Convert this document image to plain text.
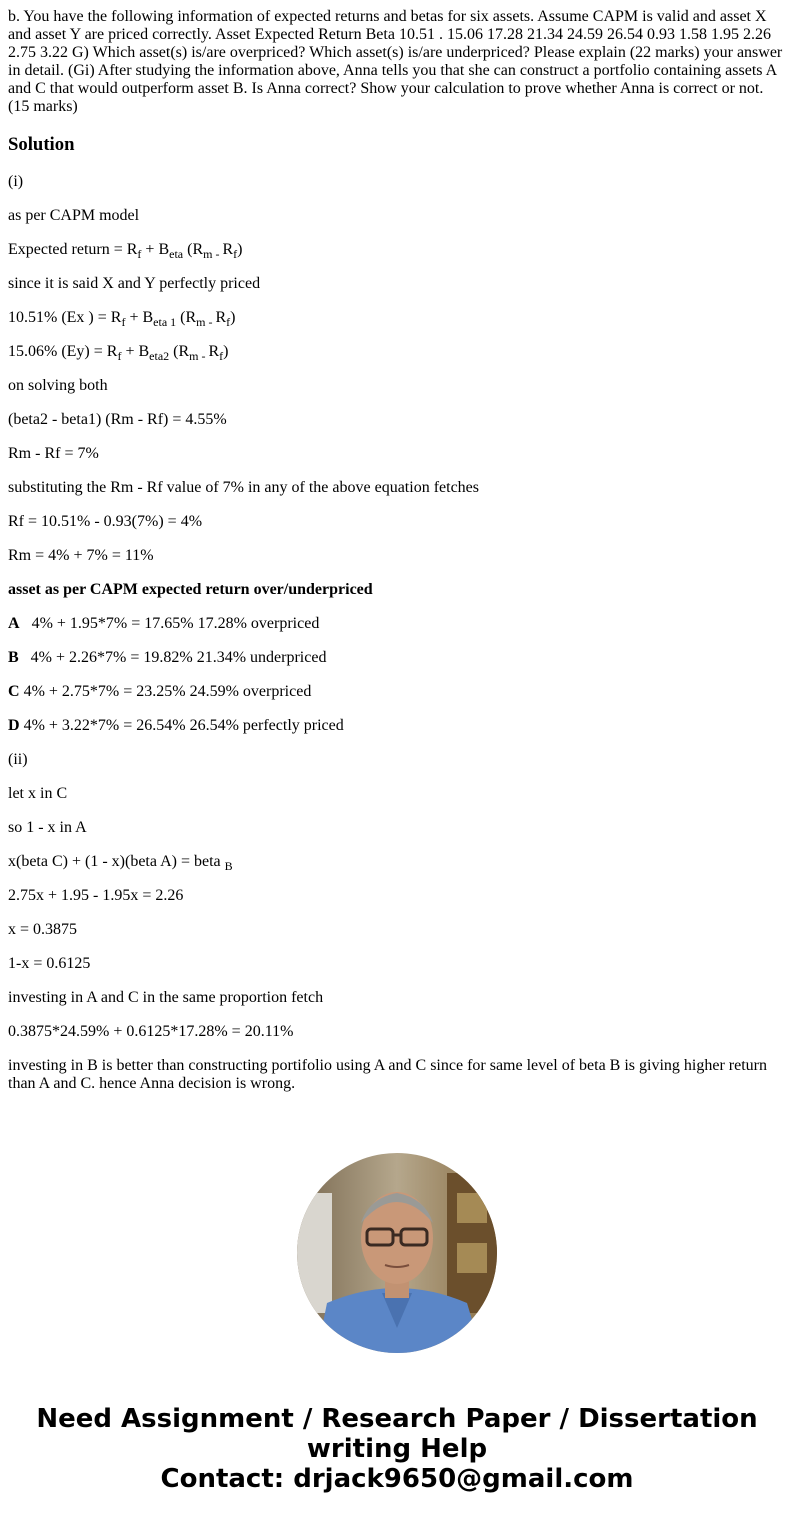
b. You have the following information of expected returns and betas for six assets. Assume CAPM is valid and asset X and asset Y are priced correctly. Asset Expected Return Beta 10.51 . 15.06 17.28 21.34 24.59 26.54 0.93 1.58 1.95 2.26 2.75 3.22 G) Which asset(s) is/are overpriced? Which asset(s) is/are underpriced? Please explain (22 marks) your answer in detail. (Gi) After studying the information above, Anna tells you that she can construct a portfolio containing assets A and C that would outperform asset B. Is Anna correct? Show your calculation to prove whether Anna is correct or not. (15 marks)

Solution

(i)

as per CAPM model

Expected return = $R_f + B_{eta}$ ($R_{m -}$ $R_f$)

since it is said X and Y perfectly priced

10.51% (Ex ) = $R_f + B_{eta 1}$ ($R_{m -}$ $R_f$)

15.06% $(Ey) = R_f + B_{eta2}$ ($R_{m -}$ $R_f$)

on solving both

(beta2 - beta1) (Rm - Rf) = 4.55%

Rm - Rf = 7%

substituting the Rm - Rf value of 7% in any of the above equation fetches

Rf = 10.51% - 0.93(7%) = 4%

Rm = 4% + 7% = 11%

asset as per CAPM expected return over/underpriced

A   4% + 1.95*7% = 17.65% 17.28% overpriced

B   4% + 2.26*7% = 19.82% 21.34% underpriced

C 4% + 2.75*7% = 23.25% 24.59% overpriced

D 4% + 3.22*7% = 26.54% 26.54% perfectly priced

(ii)

let x in C

so 1 - x in A

x(beta C) + (1 - x)(beta A) = beta $_B$

2.75x + 1.95 - 1.95x = 2.26

x = 0.3875

1-x = 0.6125

investing in A and C in the same proportion fetch

0.3875*24.59% + 0.6125*17.28% = 20.11%

investing in B is better than constructing portifolio using A and C since for same level of beta B is giving higher return than A and C. hence Anna decision is wrong.

Need Assignment / Research Paper / Dissertation
writing Help
Contact: drjack9650@gmail.com
